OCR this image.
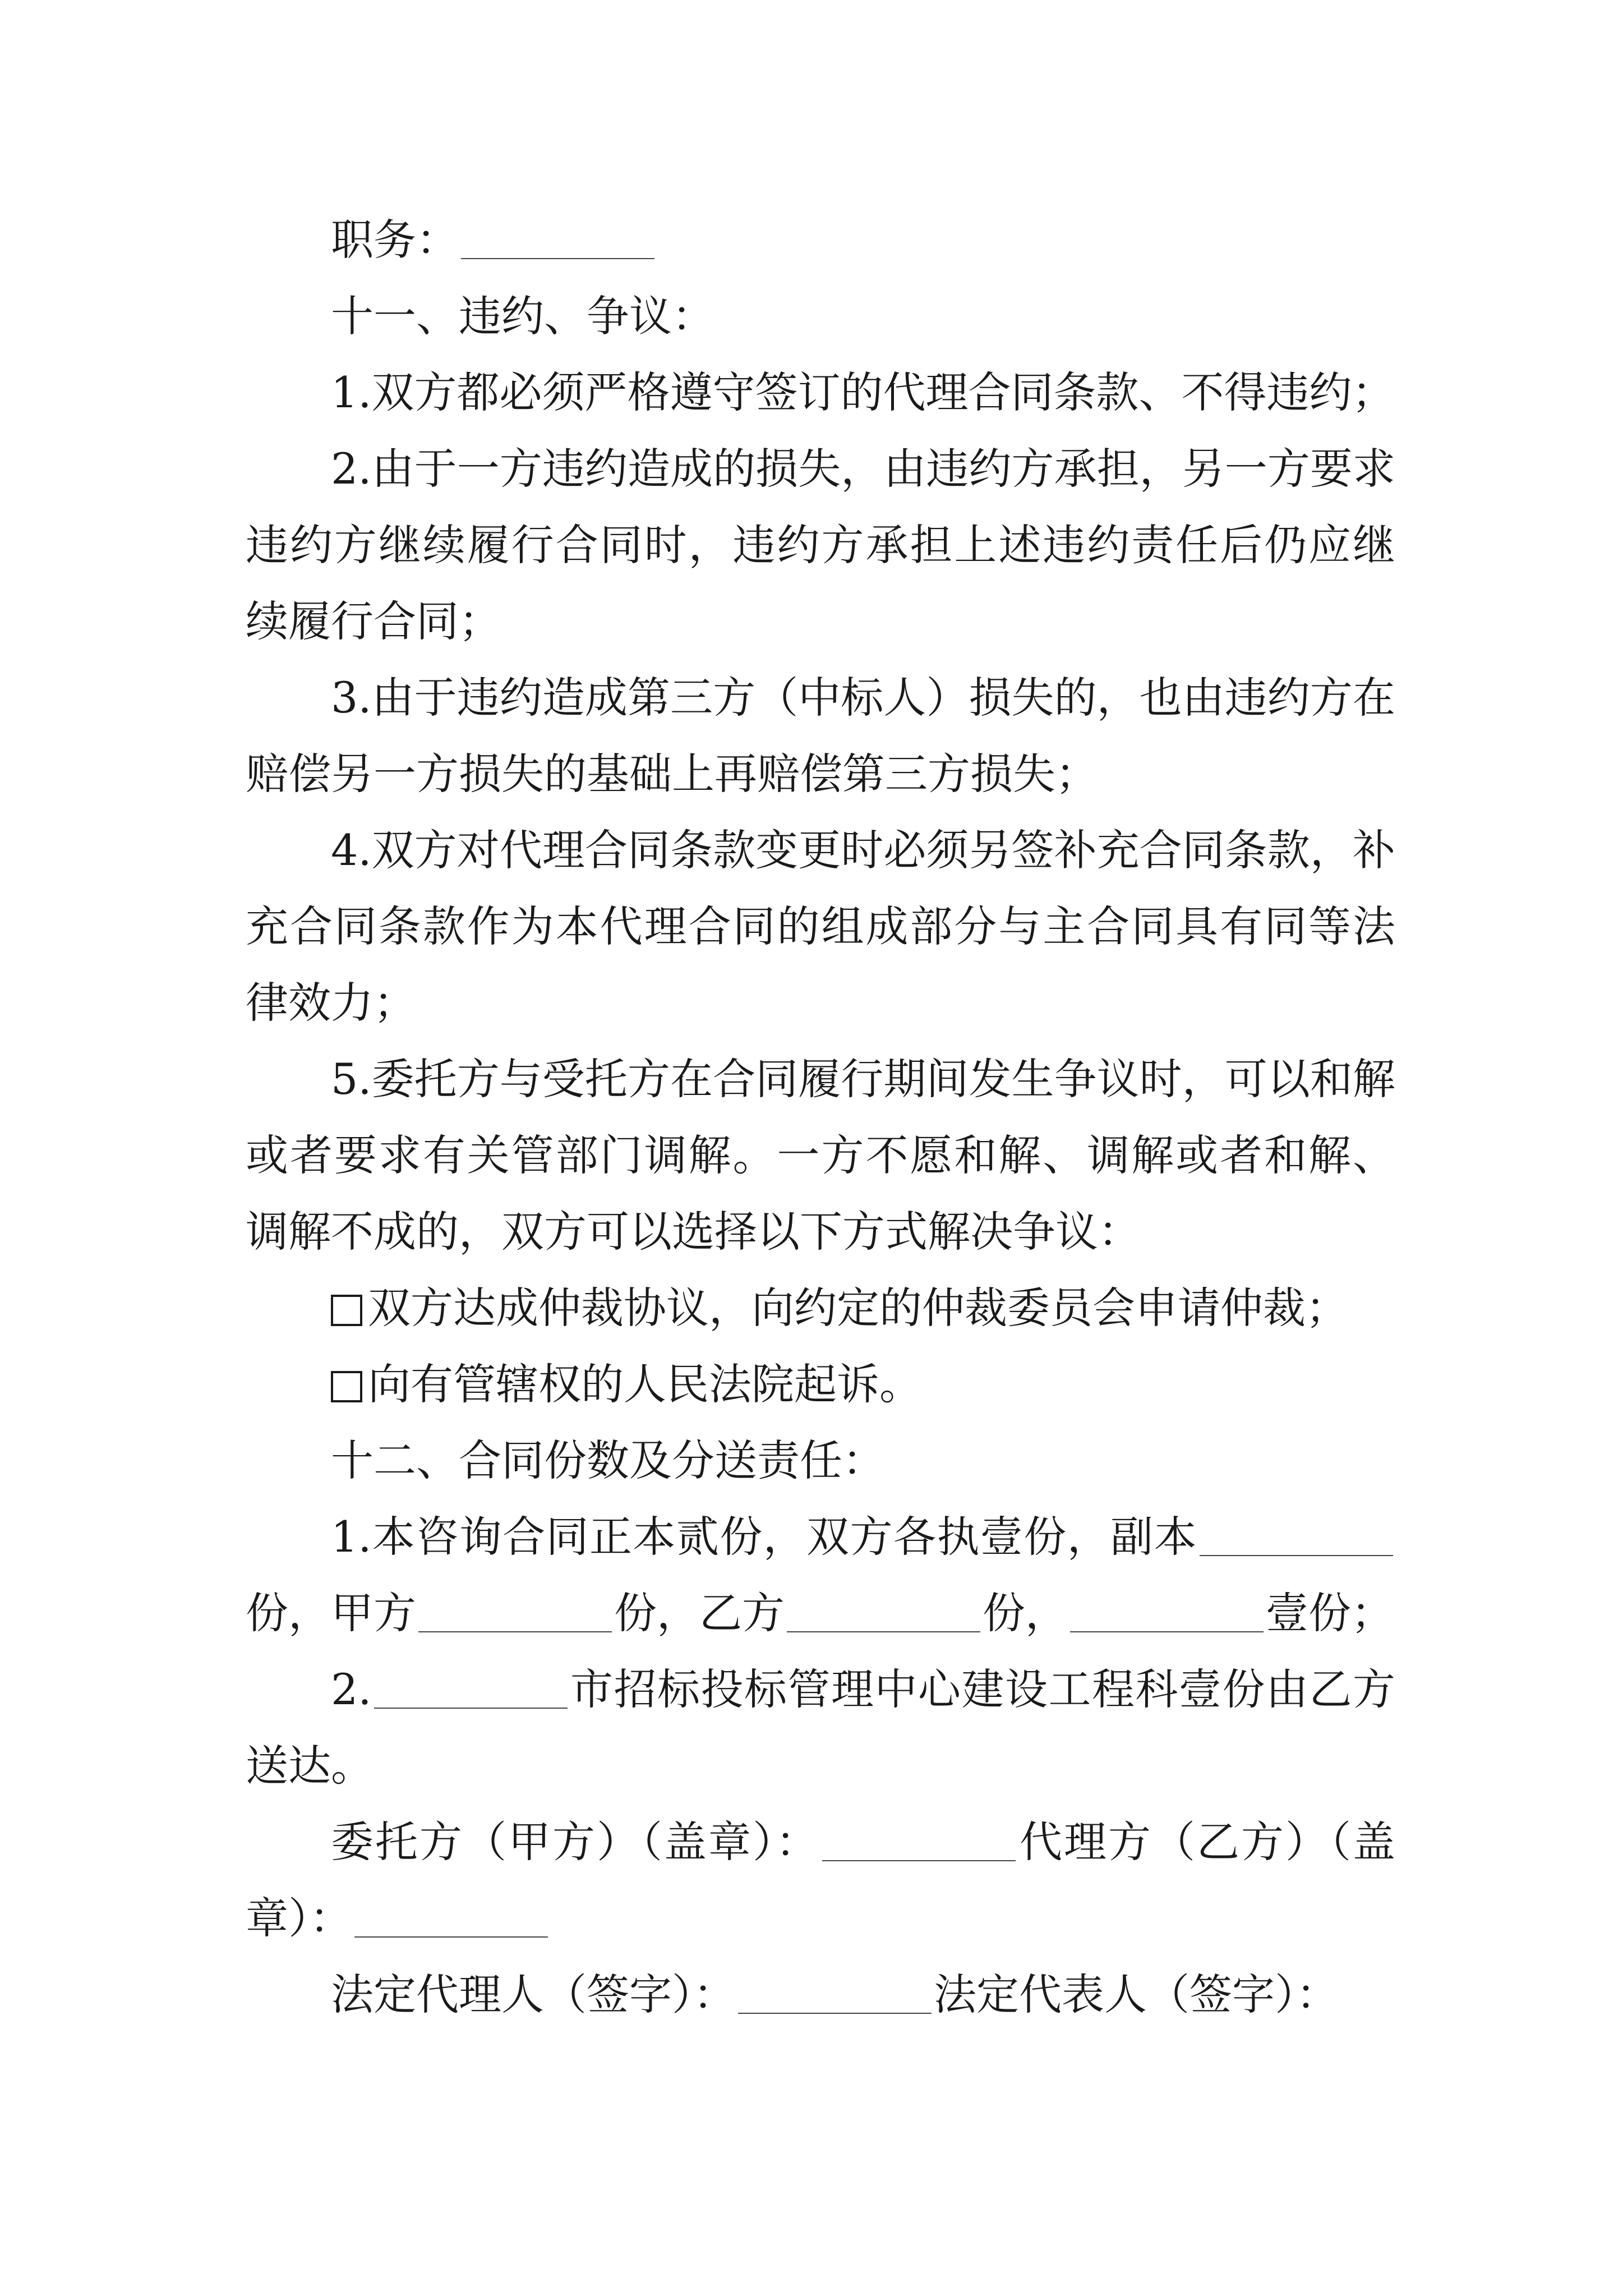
职务：

十一、违约、争议：

1.双方都必须严格遵守签订的代理合同条款、不得违约；

2.由于一方违约造成的损失，由违约方承担，另一方要求违约方继续履行合同时，违约方承担上述违约责任后仍应继续履行合同；

3.由于违约造成第三方（中标人）损失的，也由违约方在赔偿另一方损失的基础上再赔偿第三方损失；

4.双方对代理合同条款变更时必须另签补充合同条款，补充合同条款作为本代理合同的组成部分与主合同具有同等法律效力；

5.委托方与受托方在合同履行期间发生争议时，可以和解或者要求有关管部门调解。一方不愿和解、调解或者和解、调解不成的，双方可以选择以下方式解决争议：

双方达成仲裁协议，向约定的仲裁委员会申请仲裁；

向有管辖权的人民法院起诉。

十二、合同份数及分送责任：

1.本咨询合同正本贰份，双方各执壹份，副本份，甲方	份，乙方	份，	壹份；

2.	市招标投标管理中心建设工程科壹份由乙方送达。

委托方（甲方）（盖章）：	代理方（乙方）（盖章）：

法定代理人（签字）：	法定代表人（签字）：
